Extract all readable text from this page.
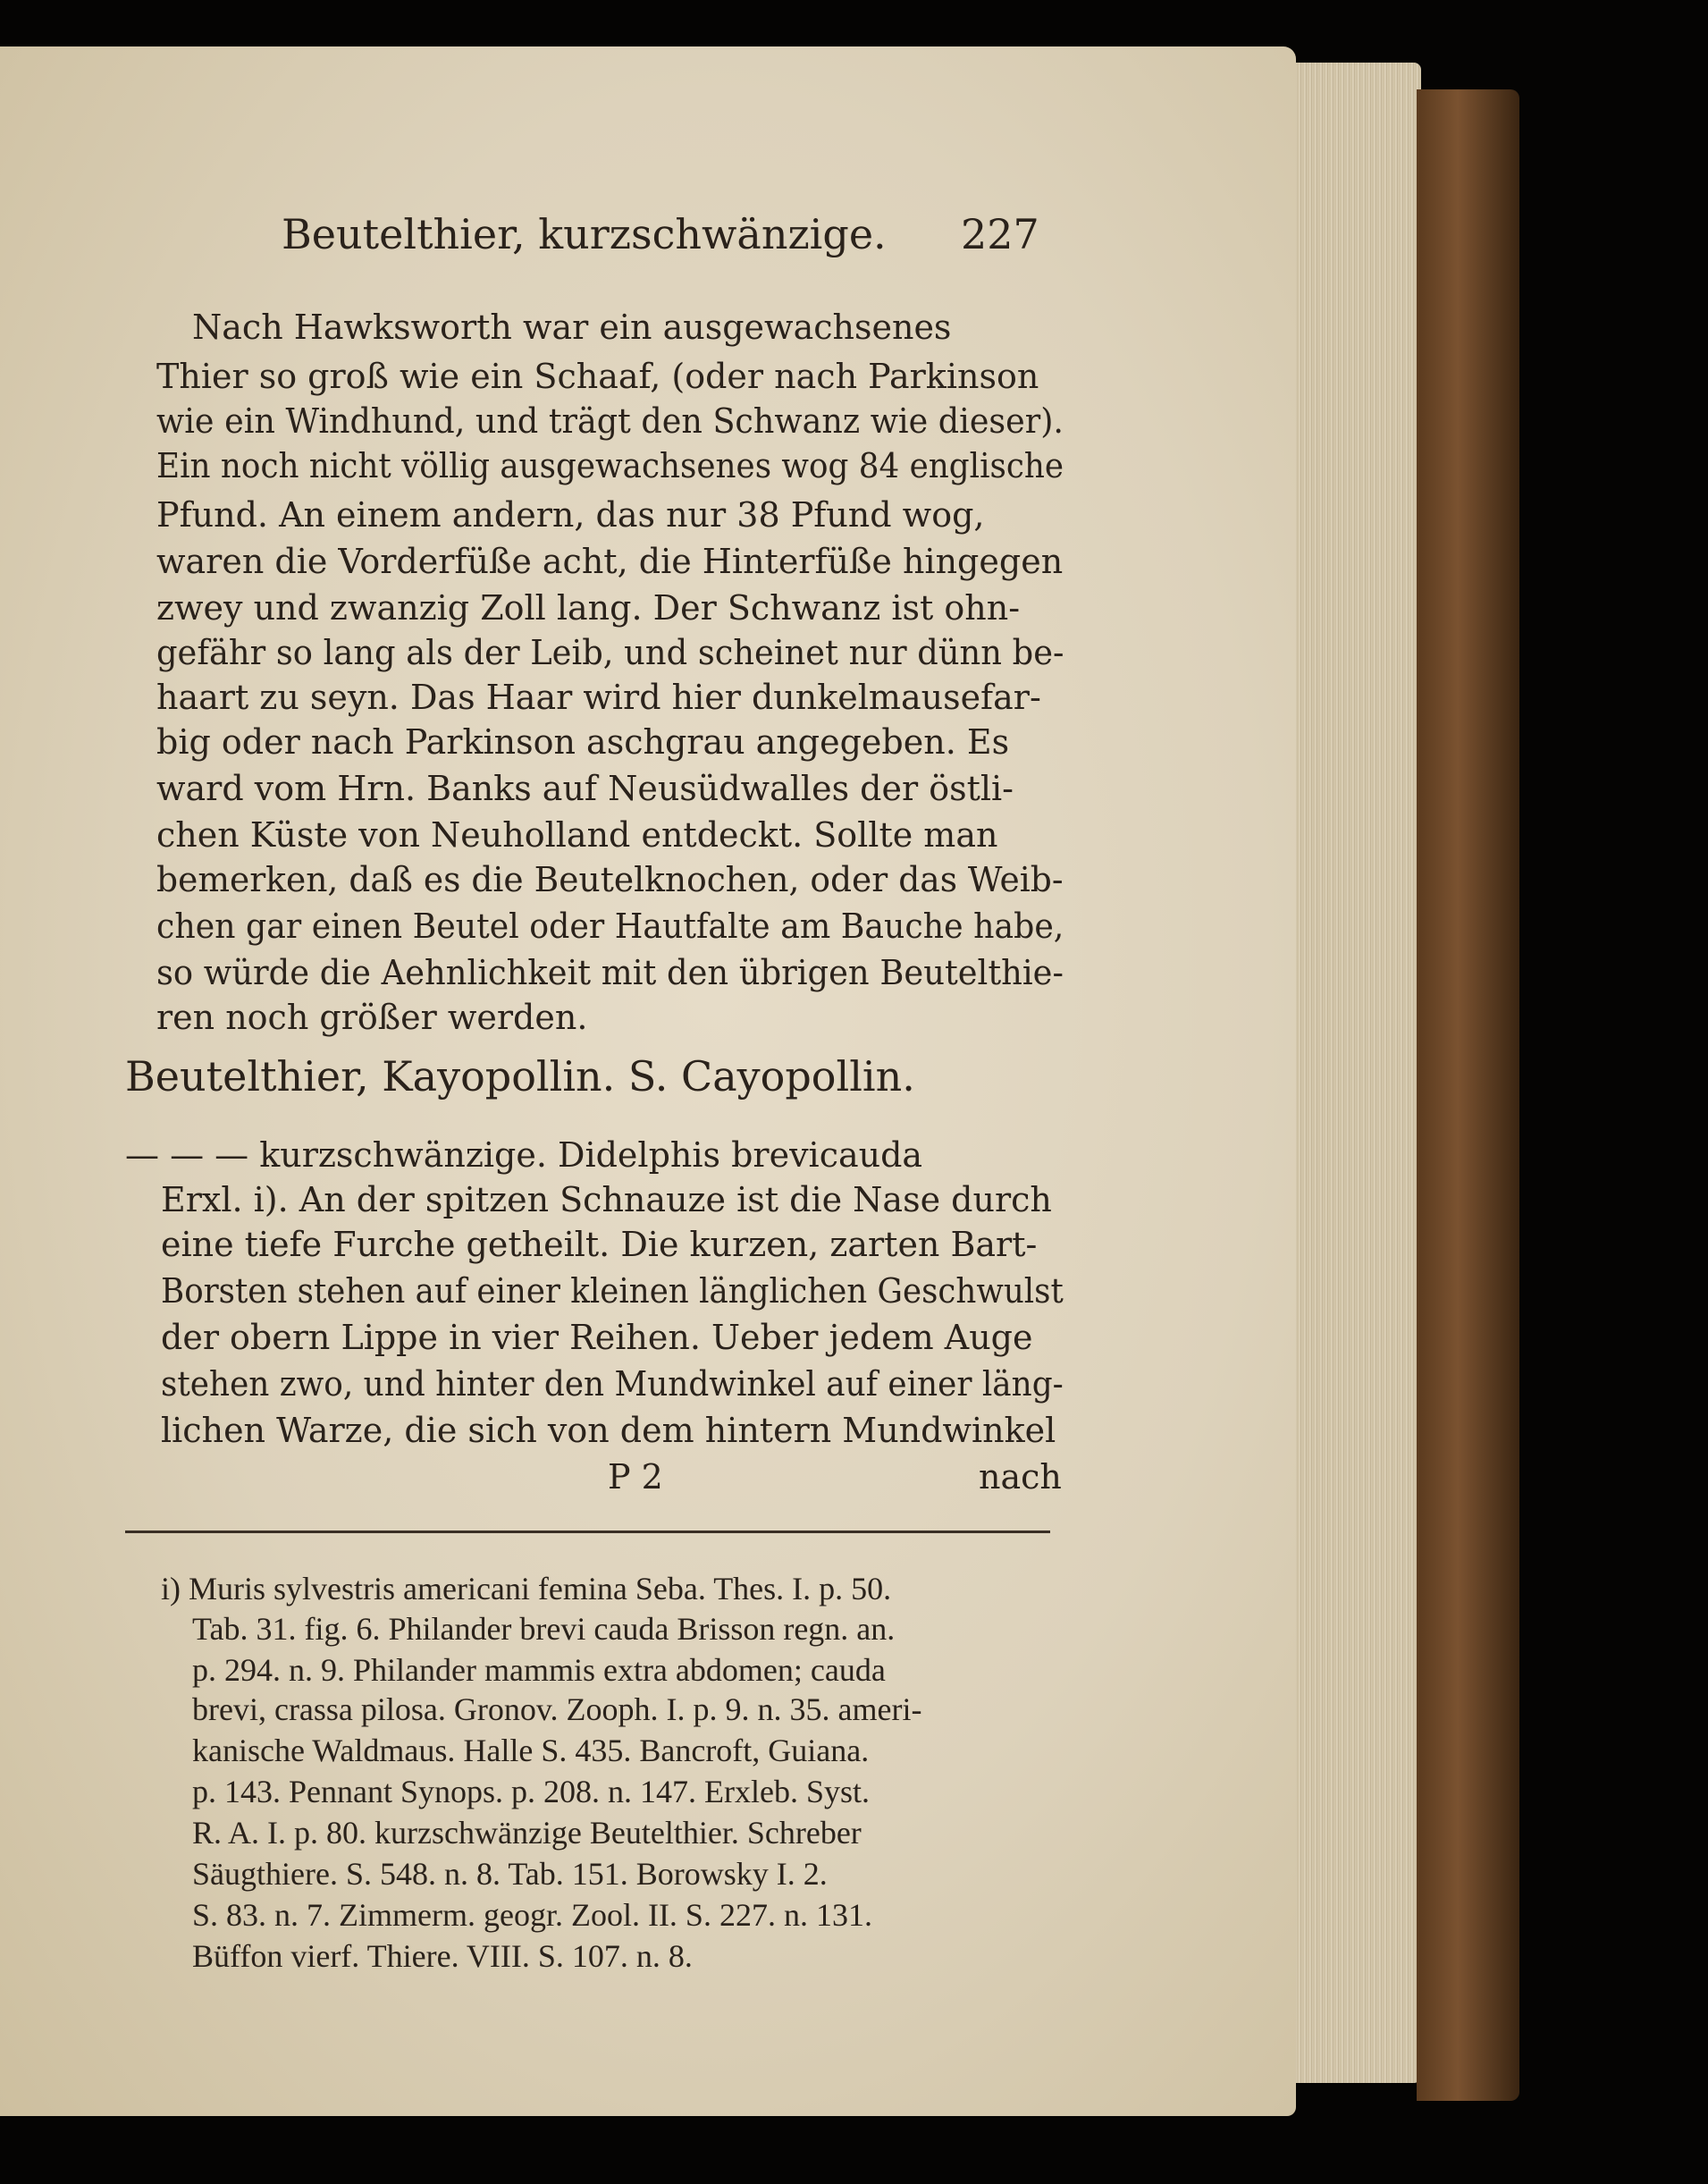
Beutelthier, kurzschwänzige.	227
Nach Hawksworth war ein ausgewachsenes
Thier so groß wie ein Schaaf, (oder nach Parkinson
wie ein Windhund, und trägt den Schwanz wie dieser).
Ein noch nicht völlig ausgewachsenes wog 84 englische
Pfund. An einem andern, das nur 38 Pfund wog,
waren die Vorderfüße acht, die Hinterfüße hingegen
zwey und zwanzig Zoll lang. Der Schwanz ist ohn-
gefähr so lang als der Leib, und scheinet nur dünn be-
haart zu seyn. Das Haar wird hier dunkelmausefar-
big oder nach Parkinson aschgrau angegeben. Es
ward vom Hrn. Banks auf Neusüdwalles der östli-
chen Küste von Neuholland entdeckt. Sollte man
bemerken, daß es die Beutelknochen, oder das Weib-
chen gar einen Beutel oder Hautfalte am Bauche habe,
so würde die Aehnlichkeit mit den übrigen Beutelthie-
ren noch größer werden.
Beutelthier, Kayopollin. S. Cayopollin.
— — — kurzschwänzige. Didelphis brevicauda
Erxl. i). An der spitzen Schnauze ist die Nase durch
eine tiefe Furche getheilt. Die kurzen, zarten Bart-
Borsten stehen auf einer kleinen länglichen Geschwulst
der obern Lippe in vier Reihen. Ueber jedem Auge
stehen zwo, und hinter den Mundwinkel auf einer läng-
lichen Warze, die sich von dem hintern Mundwinkel
P 2	nach
i) Muris sylvestris americani femina Seba. Thes. I. p. 50.
Tab. 31. fig. 6. Philander brevi cauda Brisson regn. an.
p. 294. n. 9. Philander mammis extra abdomen; cauda
brevi, crassa pilosa. Gronov. Zooph. I. p. 9. n. 35. ameri-
kanische Waldmaus. Halle S. 435. Bancroft, Guiana.
p. 143. Pennant Synops. p. 208. n. 147. Erxleb. Syst.
R. A. I. p. 80. kurzschwänzige Beutelthier. Schreber
Säugthiere. S. 548. n. 8. Tab. 151. Borowsky I. 2.
S. 83. n. 7. Zimmerm. geogr. Zool. II. S. 227. n. 131.
Büffon vierf. Thiere. VIII. S. 107. n. 8.
